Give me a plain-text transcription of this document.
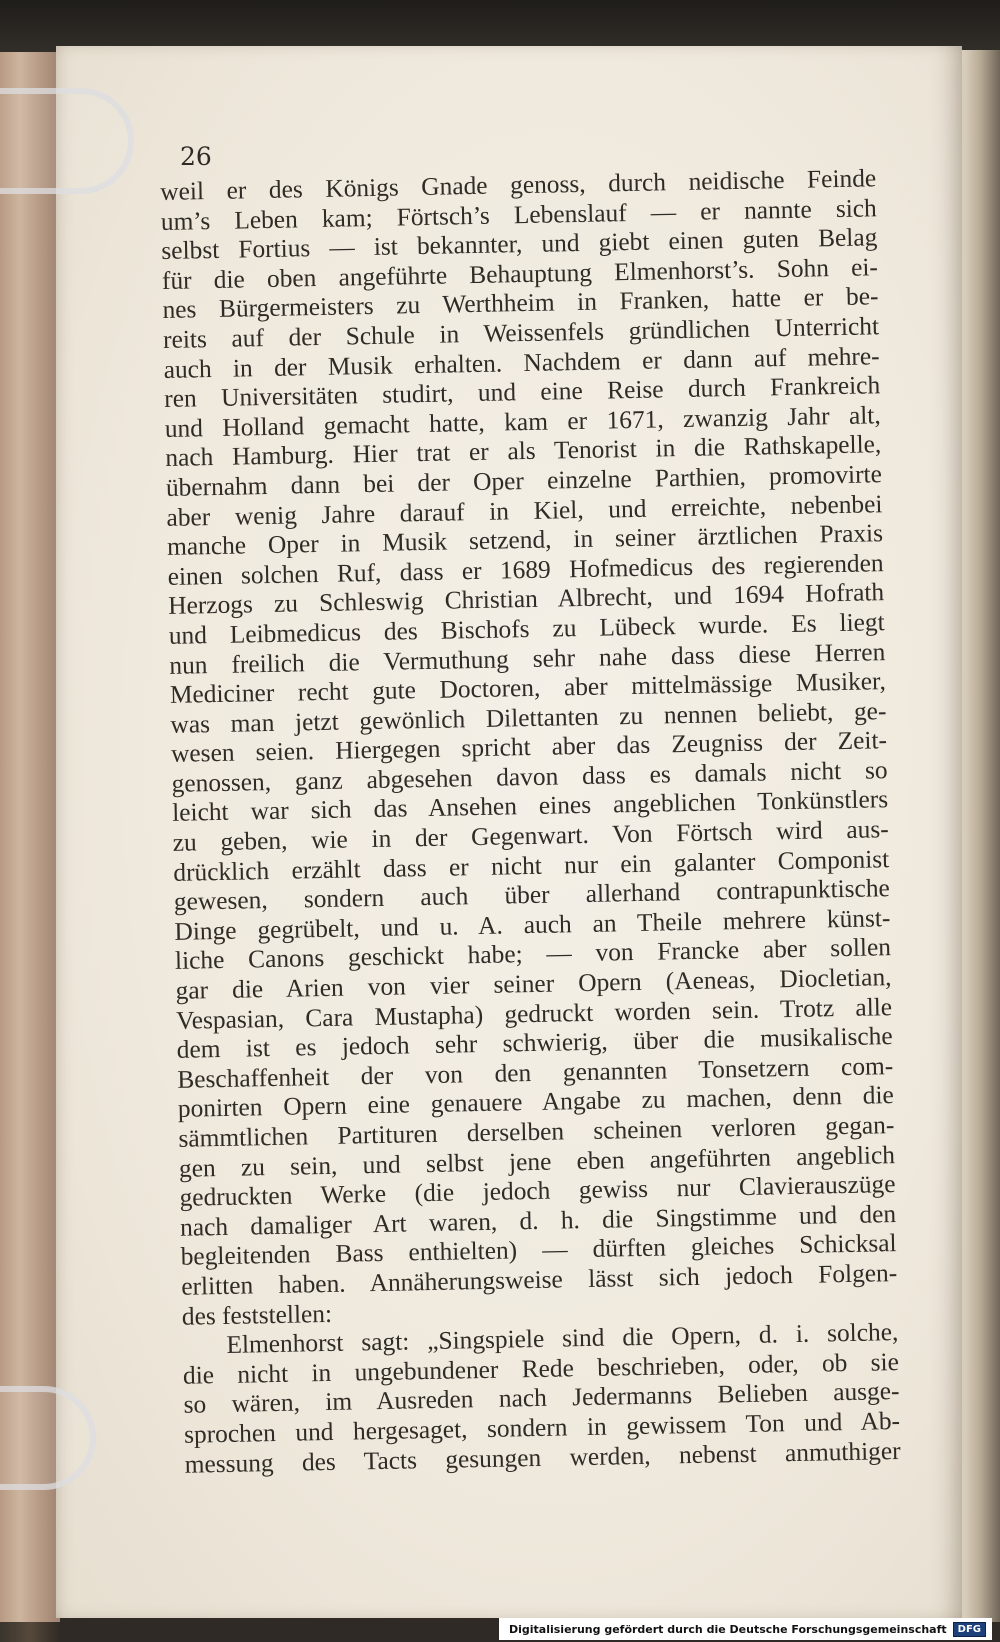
26
weil er des Königs Gnade genoss, durch neidische Feinde
um’s Leben kam; Förtsch’s Lebenslauf — er nannte sich
selbst Fortius — ist bekannter, und giebt einen guten Belag
für die oben angeführte Behauptung Elmenhorst’s. Sohn ei-
nes Bürgermeisters zu Werthheim in Franken, hatte er be-
reits auf der Schule in Weissenfels gründlichen Unterricht
auch in der Musik erhalten. Nachdem er dann auf mehre-
ren Universitäten studirt, und eine Reise durch Frankreich
und Holland gemacht hatte, kam er 1671, zwanzig Jahr alt,
nach Hamburg. Hier trat er als Tenorist in die Rathskapelle,
übernahm dann bei der Oper einzelne Parthien, promovirte
aber wenig Jahre darauf in Kiel, und erreichte, nebenbei
manche Oper in Musik setzend, in seiner ärztlichen Praxis
einen solchen Ruf, dass er 1689 Hofmedicus des regierenden
Herzogs zu Schleswig Christian Albrecht, und 1694 Hofrath
und Leibmedicus des Bischofs zu Lübeck wurde. Es liegt
nun freilich die Vermuthung sehr nahe dass diese Herren
Mediciner recht gute Doctoren, aber mittelmässige Musiker,
was man jetzt gewönlich Dilettanten zu nennen beliebt, ge-
wesen seien. Hiergegen spricht aber das Zeugniss der Zeit-
genossen, ganz abgesehen davon dass es damals nicht so
leicht war sich das Ansehen eines angeblichen Tonkünstlers
zu geben, wie in der Gegenwart. Von Förtsch wird aus-
drücklich erzählt dass er nicht nur ein galanter Componist
gewesen, sondern auch über allerhand contrapunktische
Dinge gegrübelt, und u. A. auch an Theile mehrere künst-
liche Canons geschickt habe; — von Francke aber sollen
gar die Arien von vier seiner Opern (Aeneas, Diocletian,
Vespasian, Cara Mustapha) gedruckt worden sein. Trotz alle
dem ist es jedoch sehr schwierig, über die musikalische
Beschaffenheit der von den genannten Tonsetzern com-
ponirten Opern eine genauere Angabe zu machen, denn die
sämmtlichen Partituren derselben scheinen verloren gegan-
gen zu sein, und selbst jene eben angeführten angeblich
gedruckten Werke (die jedoch gewiss nur Clavierauszüge
nach damaliger Art waren, d. h. die Singstimme und den
begleitenden Bass enthielten) — dürften gleiches Schicksal
erlitten haben. Annäherungsweise lässt sich jedoch Folgen-
des feststellen:
Elmenhorst sagt: „Singspiele sind die Opern, d. i. solche,
die nicht in ungebundener Rede beschrieben, oder, ob sie
so wären, im Ausreden nach Jedermanns Belieben ausge-
sprochen und hergesaget, sondern in gewissem Ton und Ab-
messung des Tacts gesungen werden, nebenst anmuthiger
Digitalisierung gefördert durch die Deutsche Forschungsgemeinschaft	DFG
